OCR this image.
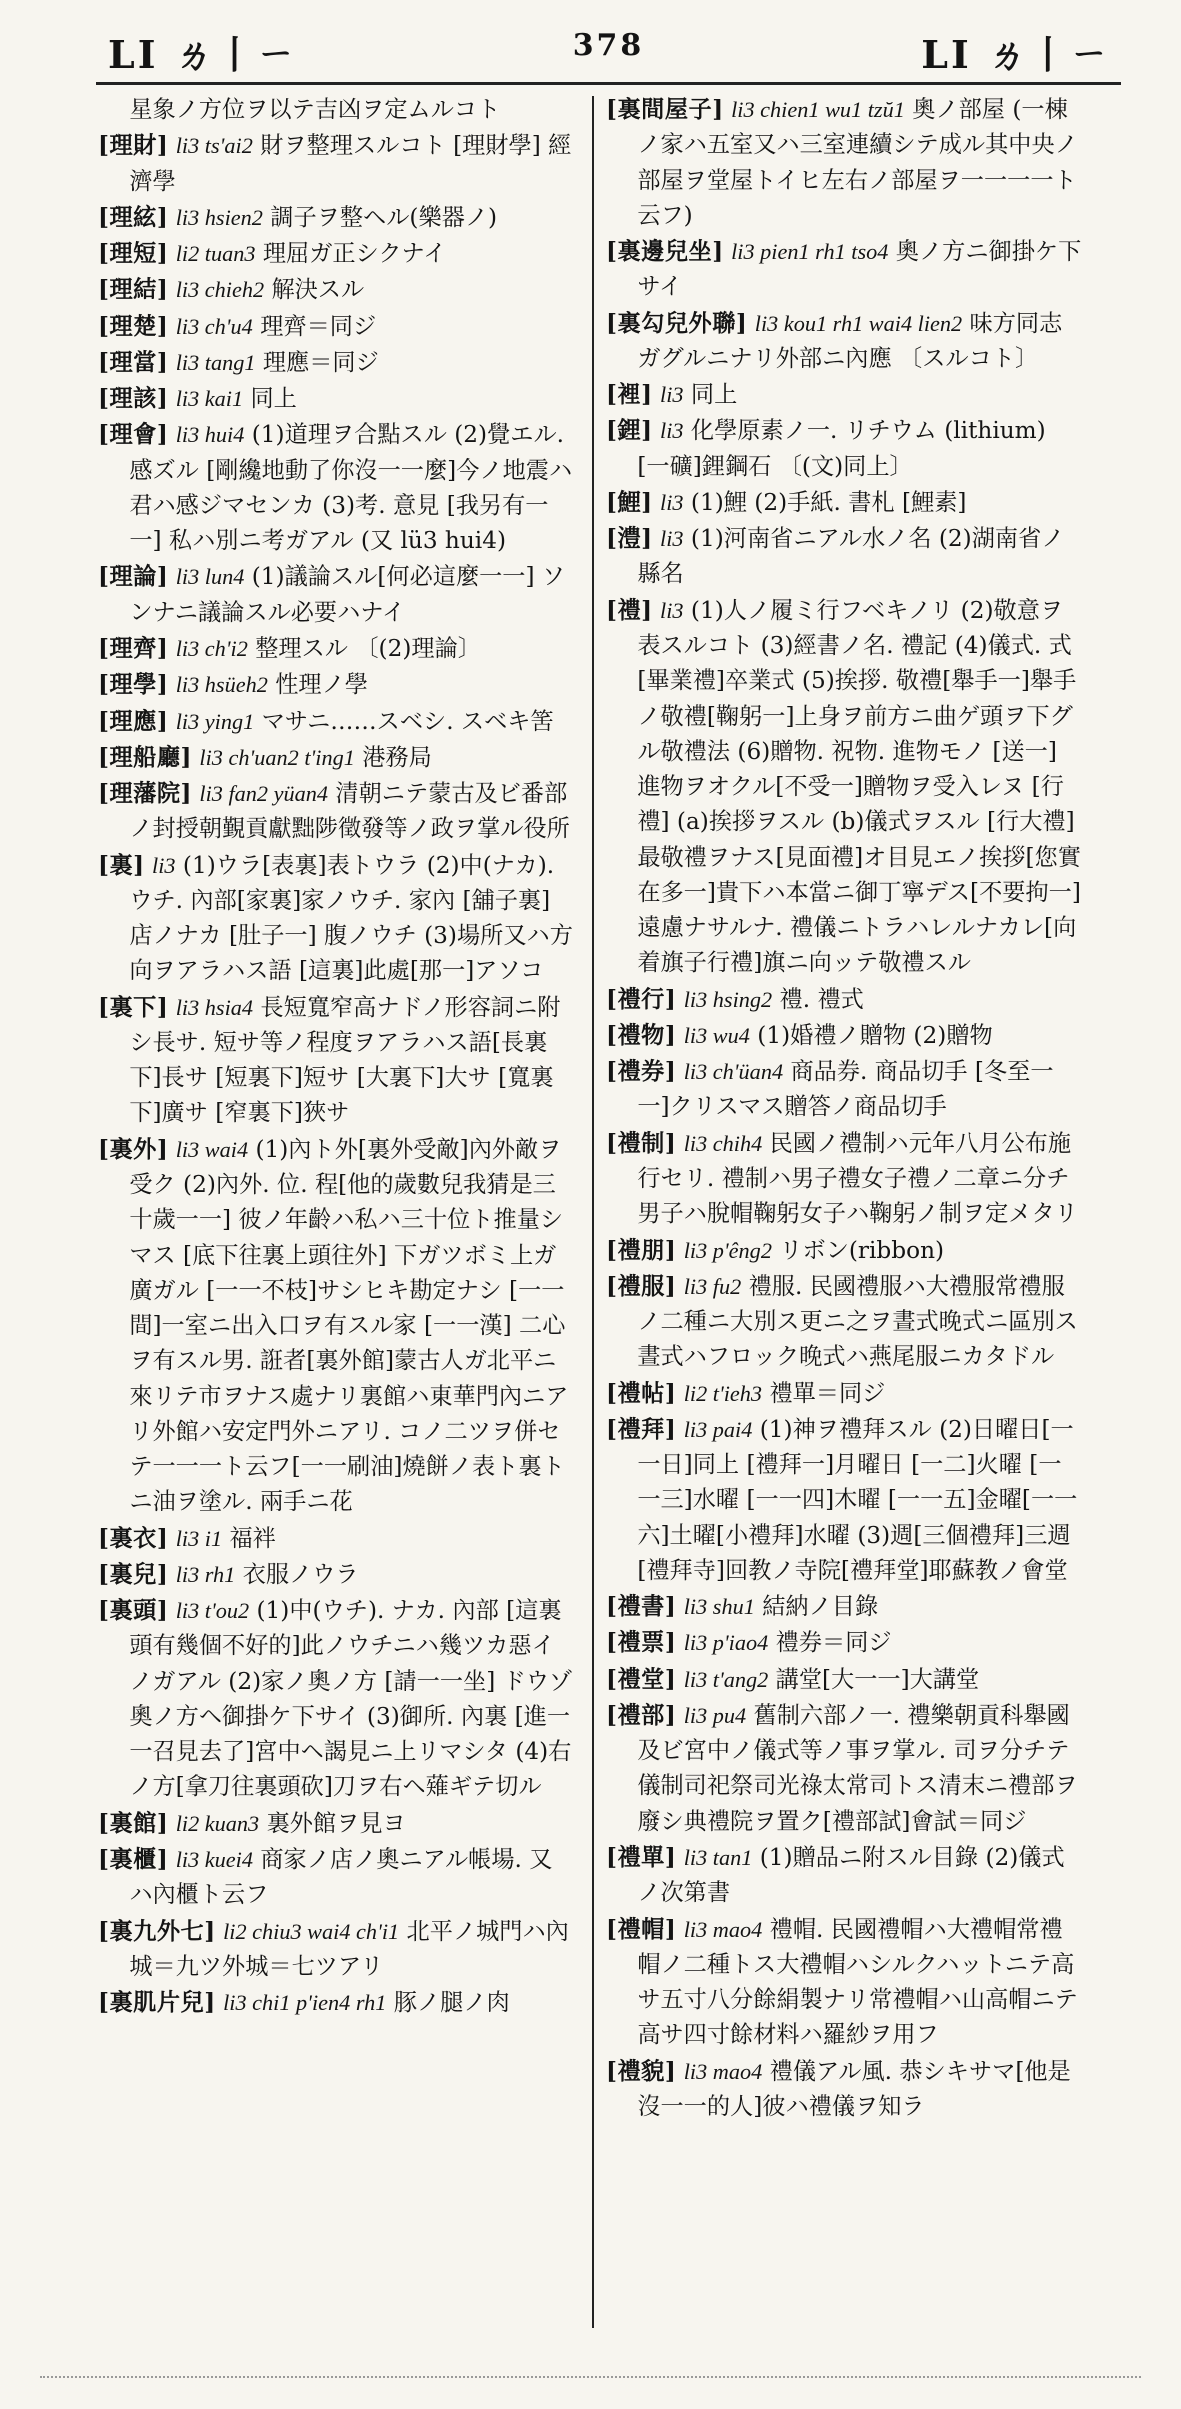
LI ㄌ丨ㄧ	378	LI ㄌ丨ㄧ
星象ノ方位ヲ以テ吉凶ヲ定ムルコト
[理財] li3 ts'ai2 財ヲ整理スルコト [理財學] 經濟學
[理絃] li3 hsien2 調子ヲ整ヘル(樂器ノ)
[理短] li2 tuan3 理屈ガ正シクナイ
[理結] li3 chieh2 解決スル
[理楚] li3 ch'u4 理齊＝同ジ
[理當] li3 tang1 理應＝同ジ
[理該] li3 kai1 同上
[理會] li3 hui4 (1)道理ヲ合點スル (2)覺エル. 感ズル [剛纔地動了你沒一一麼]今ノ地震ハ君ハ感ジマセンカ (3)考. 意見 [我另有一一] 私ハ別ニ考ガアル (又 lü3 hui4)
[理論] li3 lun4 (1)議論スル[何必這麼一一] ソンナニ議論スル必要ハナイ
[理齊] li3 ch'i2 整理スル 〔(2)理論〕
[理學] li3 hsüeh2 性理ノ學
[理應] li3 ying1 マサニ……スベシ. スベキ筈
[理船廳] li3 ch'uan2 t'ing1 港務局
[理藩院] li3 fan2 yüan4 清朝ニテ蒙古及ビ番部ノ封授朝覲貢獻黜陟徵發等ノ政ヲ掌ル役所
[裏] li3 (1)ウラ[表裏]表トウラ (2)中(ナカ). ウチ. 內部[家裏]家ノウチ. 家內 [舖子裏] 店ノナカ [肚子一] 腹ノウチ (3)場所又ハ方向ヲアラハス語 [這裏]此處[那一]アソコ
[裏下] li3 hsia4 長短寬窄高ナドノ形容詞ニ附シ長サ. 短サ等ノ程度ヲアラハス語[長裏下]長サ [短裏下]短サ [大裏下]大サ [寬裏下]廣サ [窄裏下]狹サ
[裏外] li3 wai4 (1)內ト外[裏外受敵]內外敵ヲ受ク (2)內外. 位. 程[他的歲數兒我猜是三十歲一一] 彼ノ年齡ハ私ハ三十位ト推量シマス [底下往裏上頭往外] 下ガツボミ上ガ廣ガル [一一不枝]サシヒキ勘定ナシ [一一間]一室ニ出入口ヲ有スル家 [一一漢] 二心ヲ有スル男. 誑者[裏外館]蒙古人ガ北平ニ來リテ市ヲナス處ナリ裏館ハ東華門內ニアリ外館ハ安定門外ニアリ. コノ二ツヲ併セテ一一一ト云フ[一一刷油]燒餅ノ表ト裏トニ油ヲ塗ル. 兩手ニ花
[裏衣] li3 i1 福袢
[裏兒] li3 rh1 衣服ノウラ
[裏頭] li3 t'ou2 (1)中(ウチ). ナカ. 內部 [這裏頭有幾個不好的]此ノウチニハ幾ツカ惡イノガアル (2)家ノ奧ノ方 [請一一坐] ドウゾ奧ノ方ヘ御掛ケ下サイ (3)御所. 內裏 [進一一召見去了]宮中ヘ謁見ニ上リマシタ (4)右ノ方[拿刀往裏頭砍]刀ヲ右ヘ薙ギテ切ル
[裏館] li2 kuan3 裏外館ヲ見ヨ
[裏櫃] li3 kuei4 商家ノ店ノ奧ニアル帳場. 又ハ內櫃ト云フ
[裏九外七] li2 chiu3 wai4 ch'i1 北平ノ城門ハ內城＝九ツ外城＝七ツアリ
[裏肌片兒] li3 chi1 p'ien4 rh1 豚ノ腿ノ肉
[裏間屋子] li3 chien1 wu1 tzŭ1 奧ノ部屋 (一棟ノ家ハ五室又ハ三室連續シテ成ル其中央ノ部屋ヲ堂屋トイヒ左右ノ部屋ヲ一一一一ト云フ)
[裏邊兒坐] li3 pien1 rh1 tso4 奧ノ方ニ御掛ケ下サイ
[裏勾兒外聯] li3 kou1 rh1 wai4 lien2 味方同志ガグルニナリ外部ニ內應 〔スルコト〕
[裡] li3 同上
[鋰] li3 化學原素ノ一. リチウム (lithium) [一礦]鋰鋼石 〔(文)同上〕
[鯉] li3 (1)鯉 (2)手紙. 書札 [鯉素]
[澧] li3 (1)河南省ニアル水ノ名 (2)湖南省ノ縣名
[禮] li3 (1)人ノ履ミ行フベキノリ (2)敬意ヲ表スルコト (3)經書ノ名. 禮記 (4)儀式. 式 [畢業禮]卒業式 (5)挨拶. 敬禮[舉手一]舉手ノ敬禮[鞠躬一]上身ヲ前方ニ曲ゲ頭ヲ下グル敬禮法 (6)贈物. 祝物. 進物モノ [送一] 進物ヲオクル[不受一]贈物ヲ受入レヌ [行禮] (a)挨拶ヲスル (b)儀式ヲスル [行大禮]最敬禮ヲナス[見面禮]オ目見エノ挨拶[您實在多一]貴下ハ本當ニ御丁寧デス[不要拘一]遠慮ナサルナ. 禮儀ニトラハレルナカレ[向着旗子行禮]旗ニ向ッテ敬禮スル
[禮行] li3 hsing2 禮. 禮式
[禮物] li3 wu4 (1)婚禮ノ贈物 (2)贈物
[禮券] li3 ch'üan4 商品券. 商品切手 [冬至一一]クリスマス贈答ノ商品切手
[禮制] li3 chih4 民國ノ禮制ハ元年八月公布施行セリ. 禮制ハ男子禮女子禮ノ二章ニ分チ男子ハ脫帽鞠躬女子ハ鞠躬ノ制ヲ定メタリ
[禮朋] li3 p'êng2 リボン(ribbon)
[禮服] li3 fu2 禮服. 民國禮服ハ大禮服常禮服ノ二種ニ大別ス更ニ之ヲ晝式晚式ニ區別ス晝式ハフロック晚式ハ燕尾服ニカタドル
[禮帖] li2 t'ieh3 禮單＝同ジ
[禮拜] li3 pai4 (1)神ヲ禮拜スル (2)日曜日[一一日]同上 [禮拜一]月曜日 [一二]火曜 [一一三]水曜 [一一四]木曜 [一一五]金曜[一一六]土曜[小禮拜]水曜 (3)週[三個禮拜]三週 [禮拜寺]回教ノ寺院[禮拜堂]耶蘇教ノ會堂
[禮書] li3 shu1 結納ノ目錄
[禮票] li3 p'iao4 禮券＝同ジ
[禮堂] li3 t'ang2 講堂[大一一]大講堂
[禮部] li3 pu4 舊制六部ノ一. 禮樂朝貢科舉國及ビ宮中ノ儀式等ノ事ヲ掌ル. 司ヲ分チテ儀制司祀祭司光祿太常司トス清末ニ禮部ヲ廢シ典禮院ヲ置ク[禮部試]會試＝同ジ
[禮單] li3 tan1 (1)贈品ニ附スル目錄 (2)儀式ノ次第書
[禮帽] li3 mao4 禮帽. 民國禮帽ハ大禮帽常禮帽ノ二種トス大禮帽ハシルクハットニテ高サ五寸八分餘絹製ナリ常禮帽ハ山高帽ニテ高サ四寸餘材料ハ羅紗ヲ用フ
[禮貌] li3 mao4 禮儀アル風. 恭シキサマ[他是沒一一的人]彼ハ禮儀ヲ知ラ
